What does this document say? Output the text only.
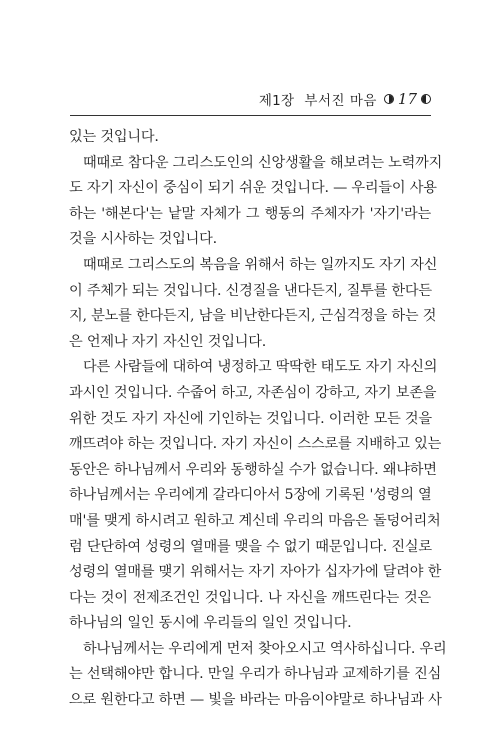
제1장 부서진 마음 17
있는 것입니다.
때때로 참다운 그리스도인의 신앙생활을 해보려는 노력까지
도 자기 자신이 중심이 되기 쉬운 것입니다. — 우리들이 사용
하는 '해본다'는 낱말 자체가 그 행동의 주체자가 '자기'라는
것을 시사하는 것입니다.
때때로 그리스도의 복음을 위해서 하는 일까지도 자기 자신
이 주체가 되는 것입니다. 신경질을 낸다든지, 질투를 한다든
지, 분노를 한다든지, 남을 비난한다든지, 근심걱정을 하는 것
은 언제나 자기 자신인 것입니다.
다른 사람들에 대하여 냉정하고 딱딱한 태도도 자기 자신의
과시인 것입니다. 수줍어 하고, 자존심이 강하고, 자기 보존을
위한 것도 자기 자신에 기인하는 것입니다. 이러한 모든 것을
깨뜨려야 하는 것입니다. 자기 자신이 스스로를 지배하고 있는
동안은 하나님께서 우리와 동행하실 수가 없습니다. 왜냐하면
하나님께서는 우리에게 갈라디아서 5장에 기록된 '성령의 열
매'를 맺게 하시려고 원하고 계신데 우리의 마음은 돌덩어리처
럼 단단하여 성령의 열매를 맺을 수 없기 때문입니다. 진실로
성령의 열매를 맺기 위해서는 자기 자아가 십자가에 달려야 한
다는 것이 전제조건인 것입니다. 나 자신을 깨뜨린다는 것은
하나님의 일인 동시에 우리들의 일인 것입니다.
하나님께서는 우리에게 먼저 찾아오시고 역사하십니다. 우리
는 선택해야만 합니다. 만일 우리가 하나님과 교제하기를 진심
으로 원한다고 하면 — 빛을 바라는 마음이야말로 하나님과 사
